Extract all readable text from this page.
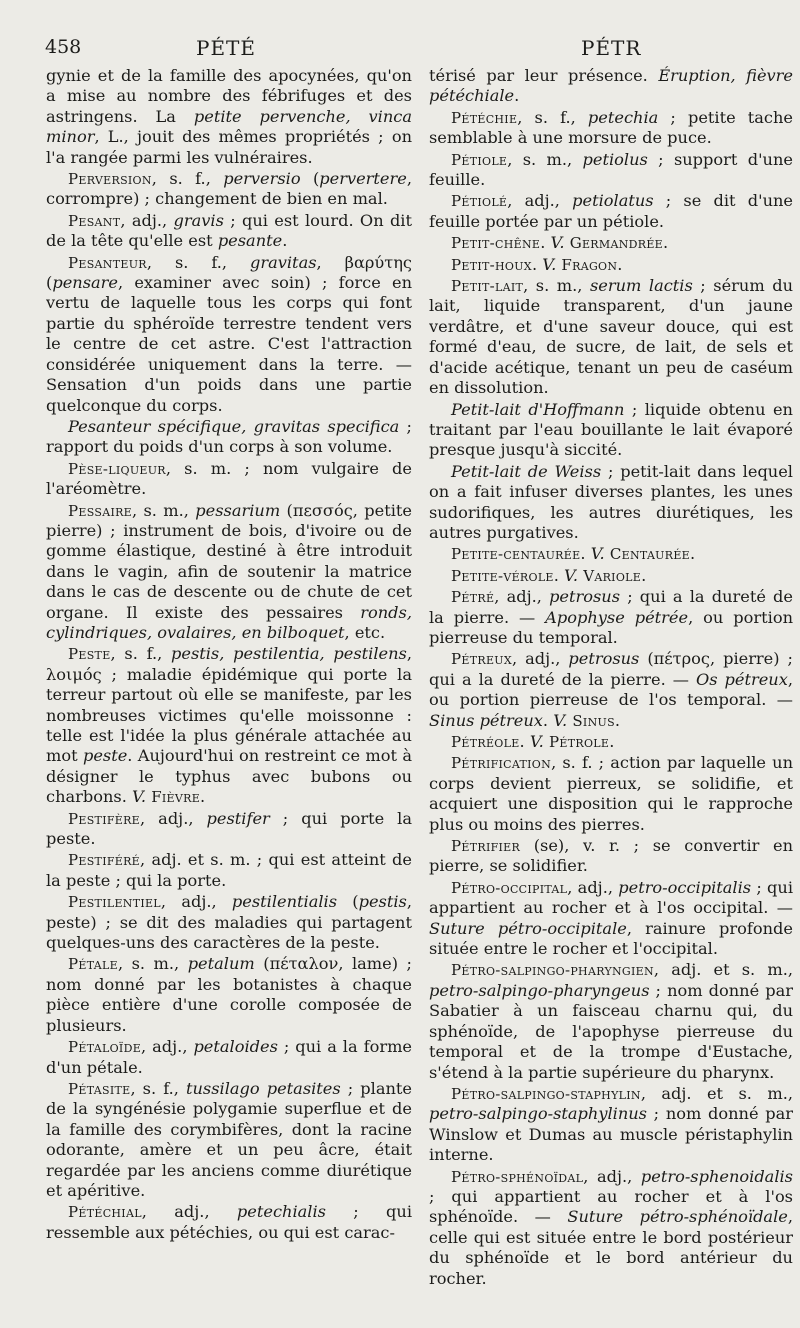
458	PÉTÉ	PÉTR

gynie et de la famille des apocynées, qu'on a mise au nombre des fébrifuges et des astringens. La petite pervenche, vinca minor, L., jouit des mêmes propriétés ; on l'a rangée parmi les vulnéraires.

Perversion, s. f., perversio (pervertere, corrompre) ; changement de bien en mal.

Pesant, adj., gravis ; qui est lourd. On dit de la tête qu'elle est pesante.

Pesanteur, s. f., gravitas, βαρύτης (pensare, examiner avec soin) ; force en vertu de laquelle tous les corps qui font partie du sphéroïde terrestre tendent vers le centre de cet astre. C'est l'attraction considérée uniquement dans la terre. — Sensation d'un poids dans une partie quelconque du corps.

Pesanteur spécifique, gravitas specifica ; rapport du poids d'un corps à son volume.

Pèse-liqueur, s. m. ; nom vulgaire de l'aréomètre.

Pessaire, s. m., pessarium (πεσσός, petite pierre) ; instrument de bois, d'ivoire ou de gomme élastique, destiné à être introduit dans le vagin, afin de soutenir la matrice dans le cas de descente ou de chute de cet organe. Il existe des pessaires ronds, cylindriques, ovalaires, en bilboquet, etc.

Peste, s. f., pestis, pestilentia, pestilens, λοιμός ; maladie épidémique qui porte la terreur partout où elle se manifeste, par les nombreuses victimes qu'elle moissonne : telle est l'idée la plus générale attachée au mot peste. Aujourd'hui on restreint ce mot à désigner le typhus avec bubons ou charbons. V. Fièvre.

Pestifère, adj., pestifer ; qui porte la peste.

Pestiféré, adj. et s. m. ; qui est atteint de la peste ; qui la porte.

Pestilentiel, adj., pestilentialis (pestis, peste) ; se dit des maladies qui partagent quelques-uns des caractères de la peste.

Pétale, s. m., petalum (πέταλον, lame) ; nom donné par les botanistes à chaque pièce entière d'une corolle composée de plusieurs.

Pétaloïde, adj., petaloides ; qui a la forme d'un pétale.

Pétasite, s. f., tussilago petasites ; plante de la syngénésie polygamie superflue et de la famille des corymbifères, dont la racine odorante, amère et un peu âcre, était regardée par les anciens comme diurétique et apéritive.

Pétéchial, adj., petechialis ; qui ressemble aux pétéchies, ou qui est carac-

térisé par leur présence. Éruption, fièvre pétéchiale.

Pétéchie, s. f., petechia ; petite tache semblable à une morsure de puce.

Pétiole, s. m., petiolus ; support d'une feuille.

Pétiolé, adj., petiolatus ; se dit d'une feuille portée par un pétiole.

Petit-chêne. V. Germandrée.

Petit-houx. V. Fragon.

Petit-lait, s. m., serum lactis ; sérum du lait, liquide transparent, d'un jaune verdâtre, et d'une saveur douce, qui est formé d'eau, de sucre, de lait, de sels et d'acide acétique, tenant un peu de caséum en dissolution.

Petit-lait d'Hoffmann ; liquide obtenu en traitant par l'eau bouillante le lait évaporé presque jusqu'à siccité.

Petit-lait de Weiss ; petit-lait dans lequel on a fait infuser diverses plantes, les unes sudorifiques, les autres diurétiques, les autres purgatives.

Petite-centaurée. V. Centaurée.

Petite-vérole. V. Variole.

Pétré, adj., petrosus ; qui a la dureté de la pierre. — Apophyse pétrée, ou portion pierreuse du temporal.

Pétreux, adj., petrosus (πέτρος, pierre) ; qui a la dureté de la pierre. — Os pétreux, ou portion pierreuse de l'os temporal. — Sinus pétreux. V. Sinus.

Pétréole. V. Pétrole.

Pétrification, s. f. ; action par laquelle un corps devient pierreux, se solidifie, et acquiert une disposition qui le rapproche plus ou moins des pierres.

Pétrifier (se), v. r. ; se convertir en pierre, se solidifier.

Pétro-occipital, adj., petro-occipitalis ; qui appartient au rocher et à l'os occipital. — Suture pétro-occipitale, rainure profonde située entre le rocher et l'occipital.

Pétro-salpingo-pharyngien, adj. et s. m., petro-salpingo-pharyngeus ; nom donné par Sabatier à un faisceau charnu qui, du sphénoïde, de l'apophyse pierreuse du temporal et de la trompe d'Eustache, s'étend à la partie supérieure du pharynx.

Pétro-salpingo-staphylin, adj. et s. m., petro-salpingo-staphylinus ; nom donné par Winslow et Dumas au muscle péristaphylin interne.

Pétro-sphénoïdal, adj., petro-sphenoidalis ; qui appartient au rocher et à l'os sphénoïde. — Suture pétro-sphénoïdale, celle qui est située entre le bord postérieur du sphénoïde et le bord antérieur du rocher.
